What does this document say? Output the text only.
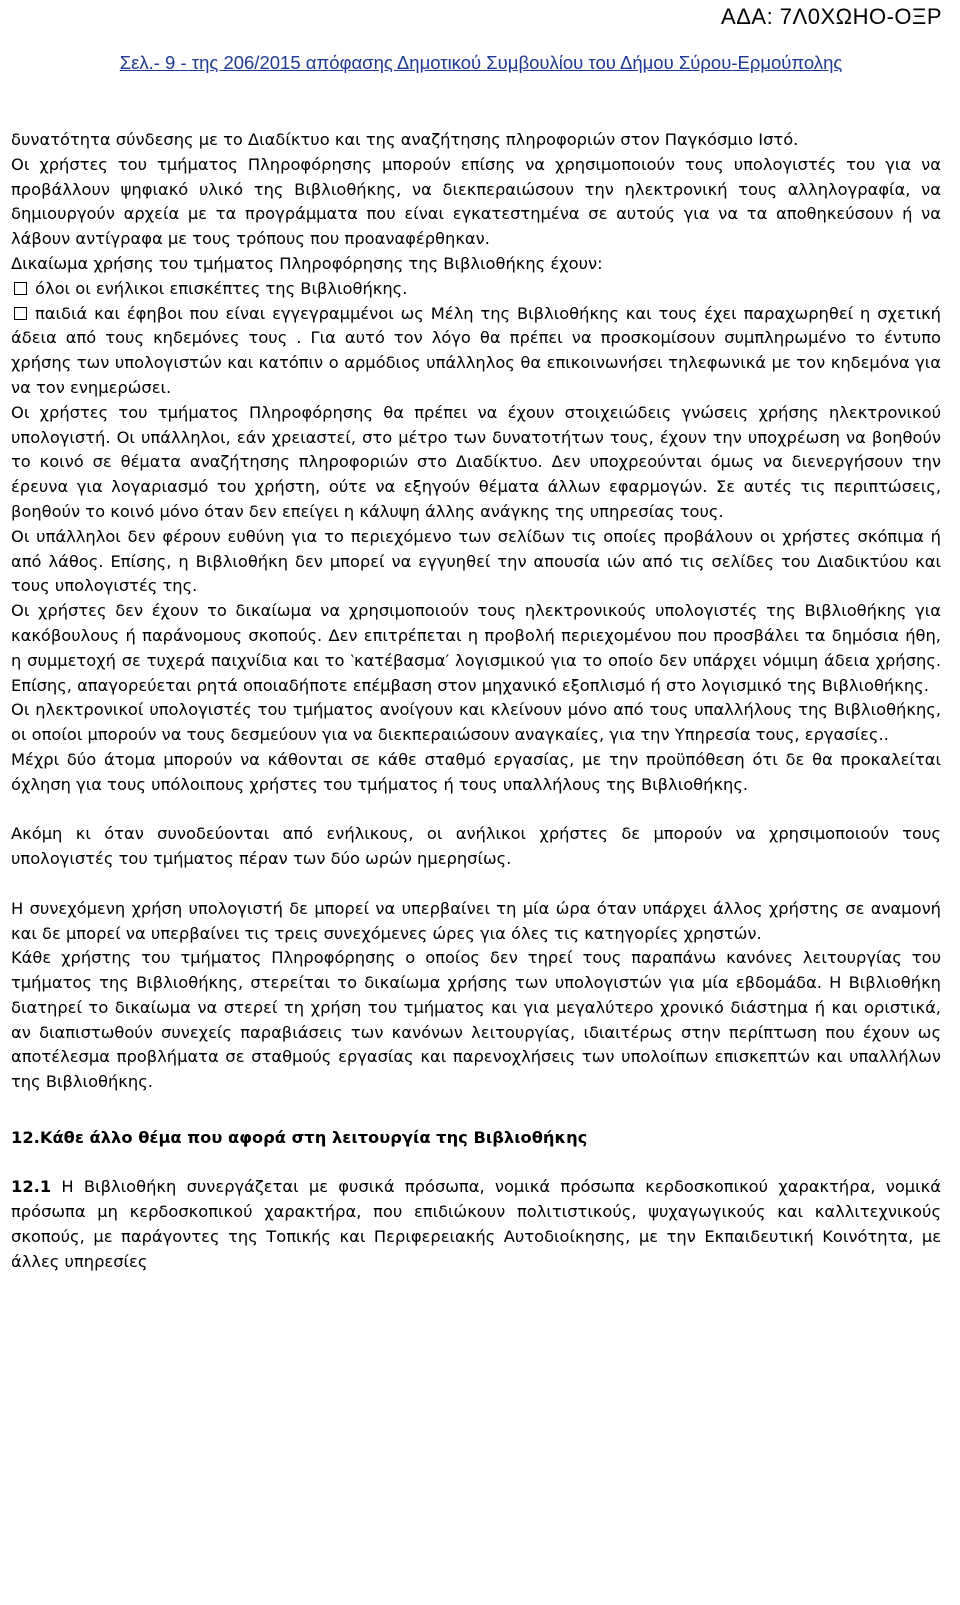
ΑΔΑ: 7Λ0ΧΩΗΟ-ΟΞΡ
Σελ.- 9 - της 206/2015 απόφασης Δημοτικού Συμβουλίου του Δήμου Σύρου-Ερμούπολης

δυνατότητα σύνδεσης με το Διαδίκτυο και της αναζήτησης πληροφοριών στον Παγκόσμιο Ιστό.

Οι χρήστες του τμήματος Πληροφόρησης μπορούν επίσης να χρησιμοποιούν τους υπολογιστές του για να προβάλλουν ψηφιακό υλικό της Βιβλιοθήκης, να διεκπεραιώσουν την ηλεκτρονική τους αλληλογραφία, να δημιουργούν αρχεία με τα προγράμματα που είναι εγκατεστημένα σε αυτούς για να τα αποθηκεύσουν ή να λάβουν αντίγραφα με τους τρόπους που προαναφέρθηκαν.

Δικαίωμα χρήσης του τμήματος Πληροφόρησης της Βιβλιοθήκης έχουν:

όλοι οι ενήλικοι επισκέπτες της Βιβλιοθήκης.

παιδιά και έφηβοι που είναι εγγεγραμμένοι ως Μέλη της Βιβλιοθήκης και τους έχει παραχωρηθεί η σχετική άδεια από τους κηδεμόνες τους . Για αυτό τον λόγο θα πρέπει να προσκομίσουν συμπληρωμένο το έντυπο χρήσης των υπολογιστών και κατόπιν ο αρμόδιος υπάλληλος θα επικοινωνήσει τηλεφωνικά με τον κηδεμόνα για να τον ενημερώσει.

Οι χρήστες του τμήματος Πληροφόρησης θα πρέπει να έχουν στοιχειώδεις γνώσεις χρήσης ηλεκτρονικού υπολογιστή. Οι υπάλληλοι, εάν χρειαστεί, στο μέτρο των δυνατοτήτων τους, έχουν την υποχρέωση να βοηθούν το κοινό σε θέματα αναζήτησης πληροφοριών στο Διαδίκτυο. Δεν υποχρεούνται όμως να διενεργήσουν την έρευνα για λογαριασμό του χρήστη, ούτε να εξηγούν θέματα άλλων εφαρμογών. Σε αυτές τις περιπτώσεις, βοηθούν το κοινό μόνο όταν δεν επείγει η κάλυψη άλλης ανάγκης της υπηρεσίας τους.

Οι υπάλληλοι δεν φέρουν ευθύνη για το περιεχόμενο των σελίδων τις οποίες προβάλουν οι χρήστες σκόπιμα ή από λάθος. Επίσης, η Βιβλιοθήκη δεν μπορεί να εγγυηθεί την απουσία ιών από τις σελίδες του Διαδικτύου και τους υπολογιστές της.

Οι χρήστες δεν έχουν το δικαίωμα να χρησιμοποιούν τους ηλεκτρονικούς υπολογιστές της Βιβλιοθήκης για κακόβουλους ή παράνομους σκοπούς. Δεν επιτρέπεται η προβολή περιεχομένου που προσβάλει τα δημόσια ήθη, η συμμετοχή σε τυχερά παιχνίδια και το ‵κατέβασμα′ λογισμικού για το οποίο δεν υπάρχει νόμιμη άδεια χρήσης. Επίσης, απαγορεύεται ρητά οποιαδήποτε επέμβαση στον μηχανικό εξοπλισμό ή στο λογισμικό της Βιβλιοθήκης.

Οι ηλεκτρονικοί υπολογιστές του τμήματος ανοίγουν και κλείνουν μόνο από τους υπαλλήλους της Βιβλιοθήκης, οι οποίοι μπορούν να τους δεσμεύουν για να διεκπεραιώσουν αναγκαίες, για την Υπηρεσία τους, εργασίες..

Μέχρι δύο άτομα μπορούν να κάθονται σε κάθε σταθμό εργασίας, με την προϋπόθεση ότι δε θα προκαλείται όχληση για τους υπόλοιπους χρήστες του τμήματος ή τους υπαλλήλους της Βιβλιοθήκης.

Ακόμη κι όταν συνοδεύονται από ενήλικους, οι ανήλικοι χρήστες δε μπορούν να χρησιμοποιούν τους υπολογιστές του τμήματος πέραν των δύο ωρών ημερησίως.

Η συνεχόμενη χρήση υπολογιστή δε μπορεί να υπερβαίνει τη μία ώρα όταν υπάρχει άλλος χρήστης σε αναμονή και δε μπορεί να υπερβαίνει τις τρεις συνεχόμενες ώρες για όλες τις κατηγορίες χρηστών.

Κάθε χρήστης του τμήματος Πληροφόρησης ο οποίος δεν τηρεί τους παραπάνω κανόνες λειτουργίας του τμήματος της Βιβλιοθήκης, στερείται το δικαίωμα χρήσης των υπολογιστών για μία εβδομάδα. Η Βιβλιοθήκη διατηρεί το δικαίωμα να στερεί τη χρήση του τμήματος και για μεγαλύτερο χρονικό διάστημα ή και οριστικά, αν διαπιστωθούν συνεχείς παραβιάσεις των κανόνων λειτουργίας, ιδιαιτέρως στην περίπτωση που έχουν ως αποτέλεσμα προβλήματα σε σταθμούς εργασίας και παρενοχλήσεις των υπολοίπων επισκεπτών και υπαλλήλων της Βιβλιοθήκης.

12.Κάθε άλλο θέμα που αφορά στη λειτουργία της Βιβλιοθήκης

12.1 Η Βιβλιοθήκη συνεργάζεται με φυσικά πρόσωπα, νομικά πρόσωπα κερδοσκοπικού χαρακτήρα, νομικά πρόσωπα μη κερδοσκοπικού χαρακτήρα, που επιδιώκουν πολιτιστικούς, ψυχαγωγικούς και καλλιτεχνικούς σκοπούς, με παράγοντες της Τοπικής και Περιφερειακής Αυτοδιοίκησης, με την Εκπαιδευτική Κοινότητα, με άλλες υπηρεσίες
